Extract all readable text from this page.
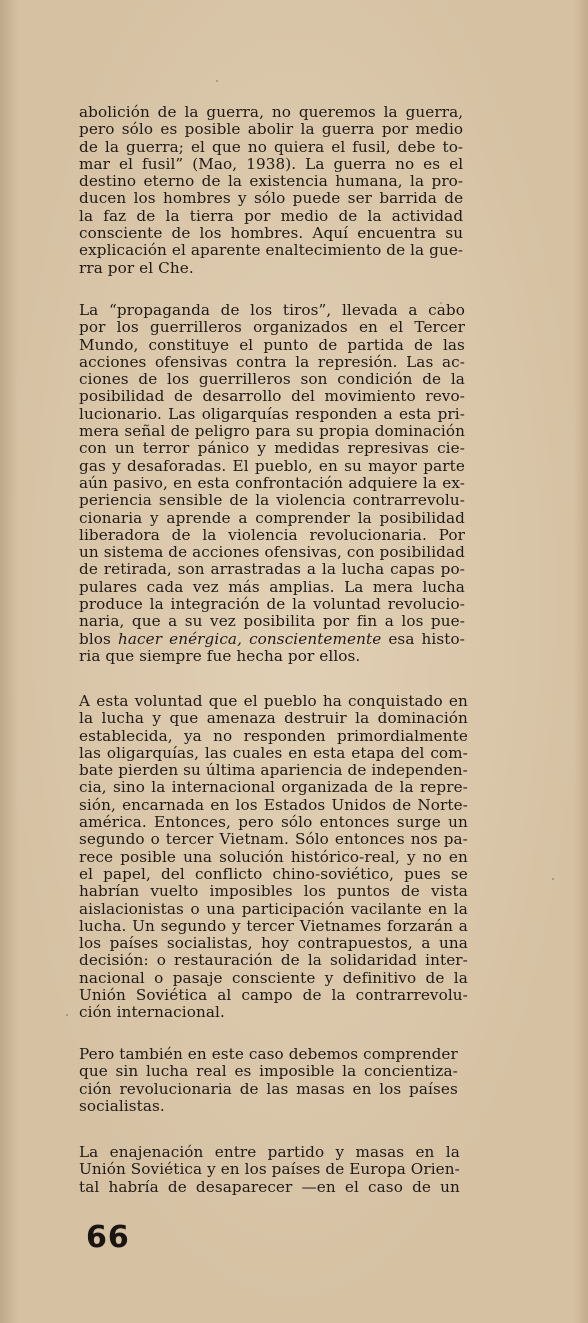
abolición de la guerra, no queremos la guerra,
pero sólo es posible abolir la guerra por medio
de la guerra; el que no quiera el fusil, debe to-
mar el fusil” (Mao, 1938). La guerra no es el
destino eterno de la existencia humana, la pro-
ducen los hombres y sólo puede ser barrida de
la faz de la tierra por medio de la actividad
consciente de los hombres. Aquí encuentra su
explicación el aparente enaltecimiento de la gue-
rra por el Che.
La “propaganda de los tiros”, llevada a cabo
por los guerrilleros organizados en el Tercer
Mundo, constituye el punto de partida de las
acciones ofensivas contra la represión. Las ac-
ciones de los guerrilleros son condición de la
posibilidad de desarrollo del movimiento revo-
lucionario. Las oligarquías responden a esta pri-
mera señal de peligro para su propia dominación
con un terror pánico y medidas represivas cie-
gas y desaforadas. El pueblo, en su mayor parte
aún pasivo, en esta confrontación adquiere la ex-
periencia sensible de la violencia contrarrevolu-
cionaria y aprende a comprender la posibilidad
liberadora de la violencia revolucionaria. Por
un sistema de acciones ofensivas, con posibilidad
de retirada, son arrastradas a la lucha capas po-
pulares cada vez más amplias. La mera lucha
produce la integración de la voluntad revolucio-
naria, que a su vez posibilita por fin a los pue-
blos hacer enérgica, conscientemente esa histo-
ria que siempre fue hecha por ellos.
A esta voluntad que el pueblo ha conquistado en
la lucha y que amenaza destruir la dominación
establecida, ya no responden primordialmente
las oligarquías, las cuales en esta etapa del com-
bate pierden su última apariencia de independen-
cia, sino la internacional organizada de la repre-
sión, encarnada en los Estados Unidos de Norte-
américa. Entonces, pero sólo entonces surge un
segundo o tercer Vietnam. Sólo entonces nos pa-
rece posible una solución histórico-real, y no en
el papel, del conflicto chino-soviético, pues se
habrían vuelto imposibles los puntos de vista
aislacionistas o una participación vacilante en la
lucha. Un segundo y tercer Vietnames forzarán a
los países socialistas, hoy contrapuestos, a una
decisión: o restauración de la solidaridad inter-
nacional o pasaje consciente y definitivo de la
Unión Soviética al campo de la contrarrevolu-
ción internacional.
Pero también en este caso debemos comprender
que sin lucha real es imposible la concientiza-
ción revolucionaria de las masas en los países
socialistas.
La enajenación entre partido y masas en la
Unión Soviética y en los países de Europa Orien-
tal habría de desaparecer —en el caso de un
66
